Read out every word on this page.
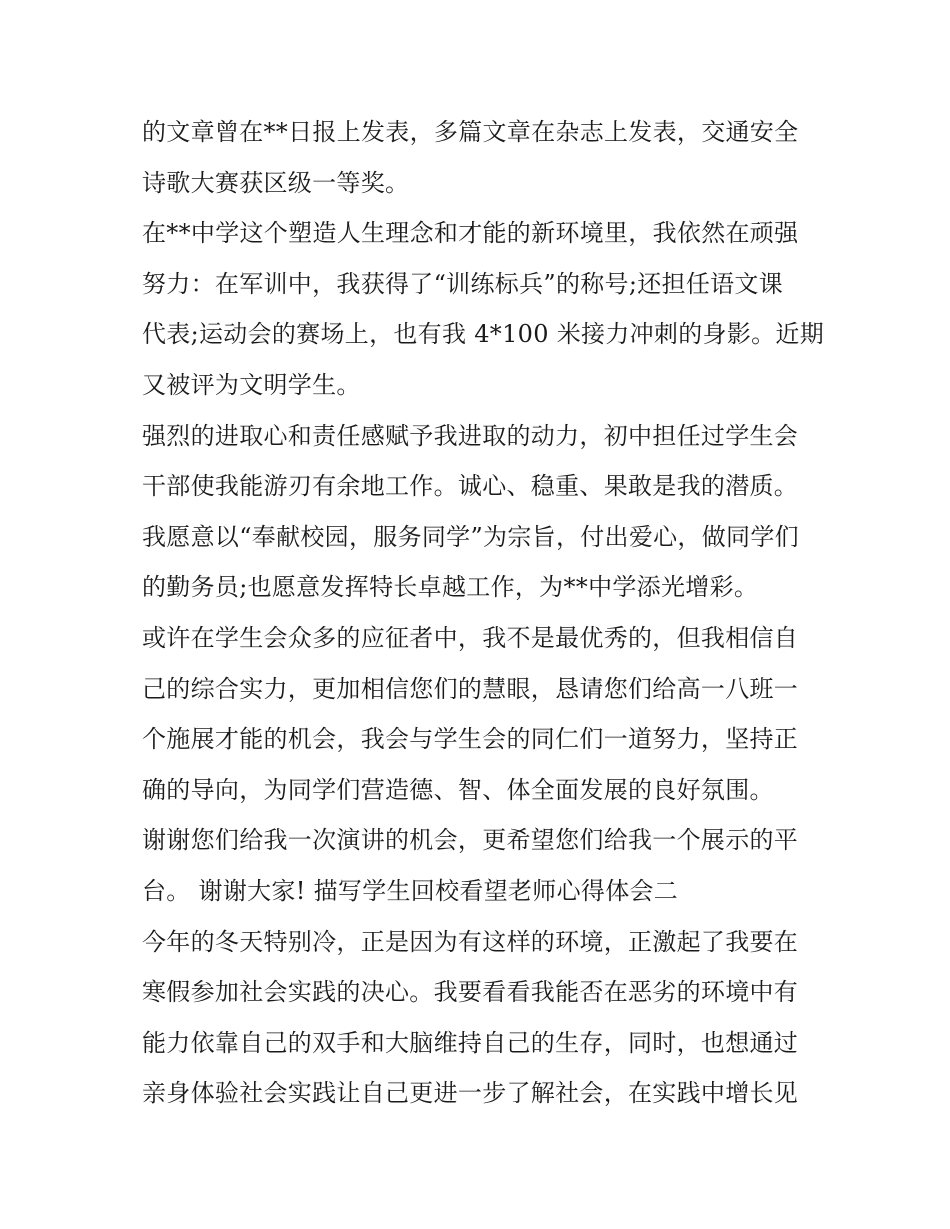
的文章曾在**日报上发表，多篇文章在杂志上发表，交通安全
诗歌大赛获区级一等奖。
在**中学这个塑造人生理念和才能的新环境里，我依然在顽强
努力：在军训中，我获得了“训练标兵”的称号;还担任语文课
代表;运动会的赛场上，也有我 4*100 米接力冲刺的身影。近期
又被评为文明学生。
强烈的进取心和责任感赋予我进取的动力，初中担任过学生会
干部使我能游刃有余地工作。诚心、稳重、果敢是我的潜质。
我愿意以“奉献校园，服务同学”为宗旨，付出爱心，做同学们
的勤务员;也愿意发挥特长卓越工作，为**中学添光增彩。
或许在学生会众多的应征者中，我不是最优秀的，但我相信自
己的综合实力，更加相信您们的慧眼，恳请您们给高一八班一
个施展才能的机会，我会与学生会的同仁们一道努力，坚持正
确的导向，为同学们营造德、智、体全面发展的良好氛围。
谢谢您们给我一次演讲的机会，更希望您们给我一个展示的平
台。 谢谢大家! 描写学生回校看望老师心得体会二
今年的冬天特别冷，正是因为有这样的环境，正激起了我要在
寒假参加社会实践的决心。我要看看我能否在恶劣的环境中有
能力依靠自己的双手和大脑维持自己的生存，同时，也想通过
亲身体验社会实践让自己更进一步了解社会，在实践中增长见
